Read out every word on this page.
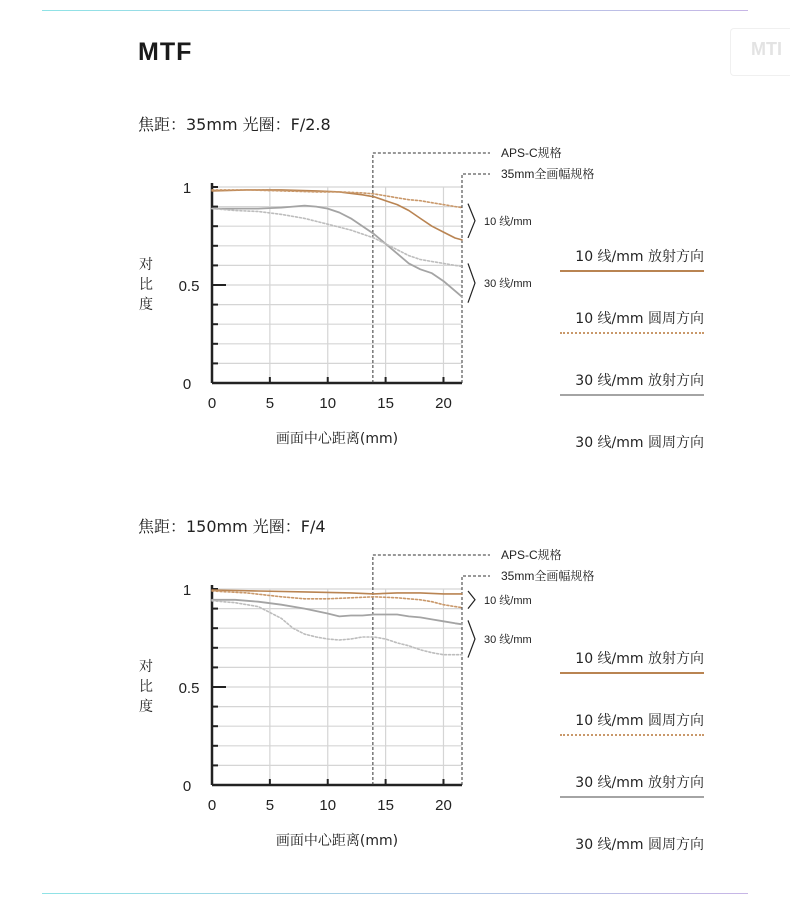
MTI
MTF
焦距：35mm 光圈：F/2.8
焦距：150mm 光圈：F/4
APS-C规格
35mm全画幅规格
10 线/mm
30 线/mm
1
0.5
0
对
比
度
0	5	10	15	20
画面中心距离(mm)
APS-C规格
35mm全画幅规格
10 线/mm
30 线/mm
1
0.5
0
对
比
度
0	5	10	15	20
画面中心距离(mm)
10 线/mm 放射方向
10 线/mm 圆周方向
30 线/mm 放射方向
30 线/mm 圆周方向
10 线/mm 放射方向
10 线/mm 圆周方向
30 线/mm 放射方向
30 线/mm 圆周方向
